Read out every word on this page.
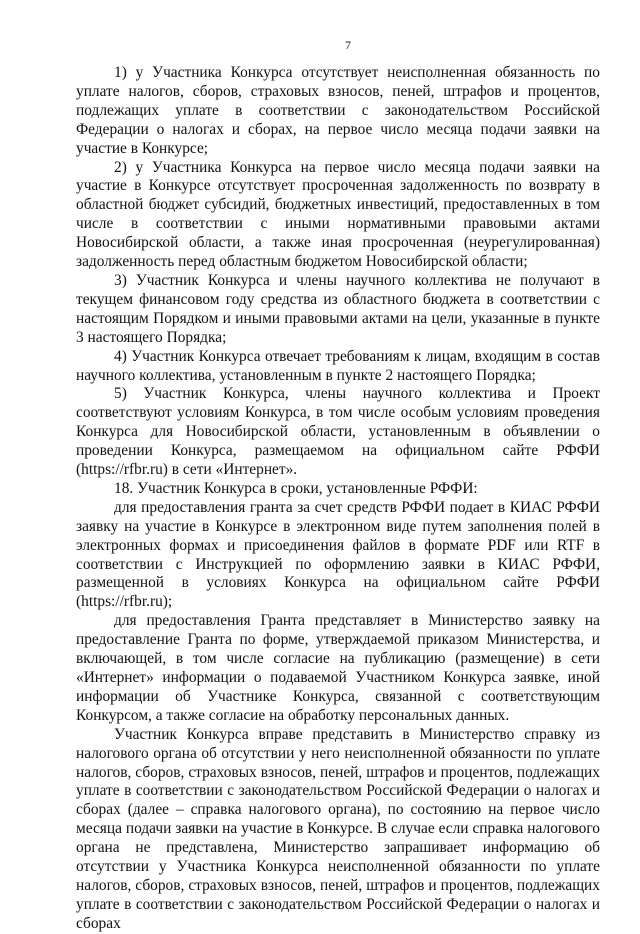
7

1) у Участника Конкурса отсутствует неисполненная обязанность по уплате налогов, сборов, страховых взносов, пеней, штрафов и процентов, подлежащих уплате в соответствии с законодательством Российской Федерации о налогах и сборах, на первое число месяца подачи заявки на участие в Конкурсе;

2) у Участника Конкурса на первое число месяца подачи заявки на участие в Конкурсе отсутствует просроченная задолженность по возврату в областной бюджет субсидий, бюджетных инвестиций, предоставленных в том числе в соответствии с иными нормативными правовыми актами Новосибирской области, а также иная просроченная (неурегулированная) задолженность перед областным бюджетом Новосибирской области;

3) Участник Конкурса и члены научного коллектива не получают в текущем финансовом году средства из областного бюджета в соответствии с настоящим Порядком и иными правовыми актами на цели, указанные в пункте 3 настоящего Порядка;

4) Участник Конкурса отвечает требованиям к лицам, входящим в состав научного коллектива, установленным в пункте 2 настоящего Порядка;

5) Участник Конкурса, члены научного коллектива и Проект соответствуют условиям Конкурса, в том числе особым условиям проведения Конкурса для Новосибирской области, установленным в объявлении о проведении Конкурса, размещаемом на официальном сайте РФФИ (https://rfbr.ru) в сети «Интернет».

18. Участник Конкурса в сроки, установленные РФФИ:

для предоставления гранта за счет средств РФФИ подает в КИАС РФФИ заявку на участие в Конкурсе в электронном виде путем заполнения полей в электронных формах и присоединения файлов в формате PDF или RTF в соответствии с Инструкцией по оформлению заявки в КИАС РФФИ, размещенной в условиях Конкурса на официальном сайте РФФИ (https://rfbr.ru);

для предоставления Гранта представляет в Министерство заявку на предоставление Гранта по форме, утверждаемой приказом Министерства, и включающей, в том числе согласие на публикацию (размещение) в сети «Интернет» информации о подаваемой Участником Конкурса заявке, иной информации об Участнике Конкурса, связанной с соответствующим Конкурсом, а также согласие на обработку персональных данных.

Участник Конкурса вправе представить в Министерство справку из налогового органа об отсутствии у него неисполненной обязанности по уплате налогов, сборов, страховых взносов, пеней, штрафов и процентов, подлежащих уплате в соответствии с законодательством Российской Федерации о налогах и сборах (далее – справка налогового органа), по состоянию на первое число месяца подачи заявки на участие в Конкурсе. В случае если справка налогового органа не представлена, Министерство запрашивает информацию об отсутствии у Участника Конкурса неисполненной обязанности по уплате налогов, сборов, страховых взносов, пеней, штрафов и процентов, подлежащих уплате в соответствии с законодательством Российской Федерации о налогах и сборах
